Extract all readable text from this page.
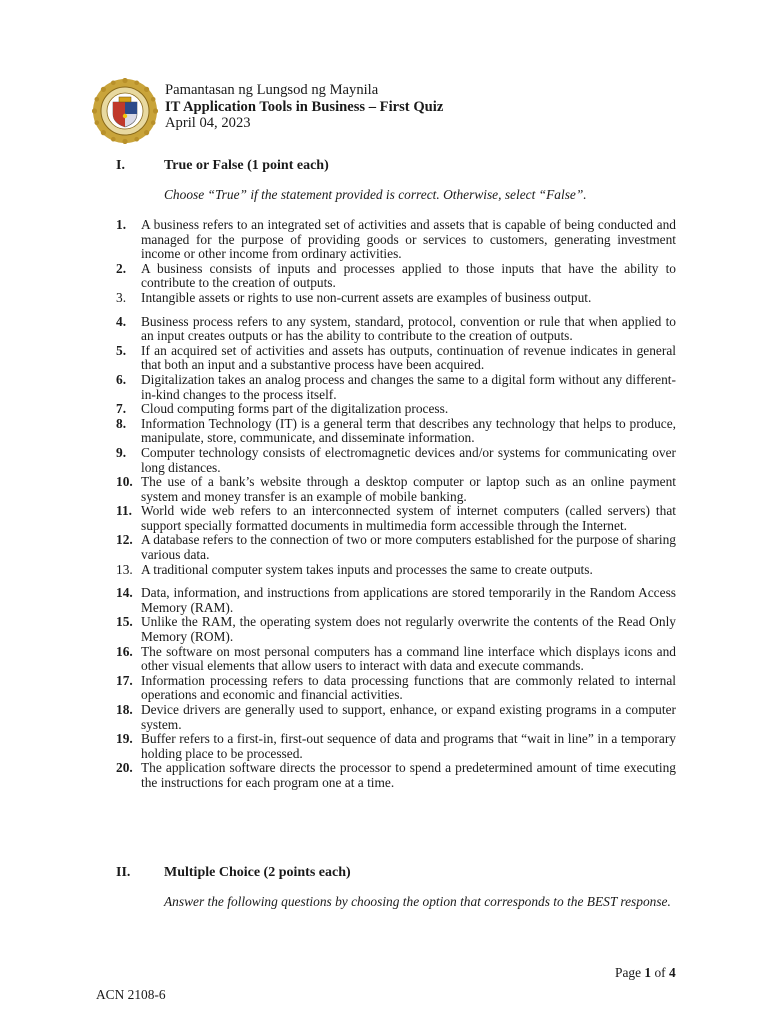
Pamantasan ng Lungsod ng Maynila
IT Application Tools in Business – First Quiz
April 04, 2023
I.	True or False (1 point each)
Choose “True” if the statement provided is correct. Otherwise, select “False”.
1.	A business refers to an integrated set of activities and assets that is capable of being conducted and managed for the purpose of providing goods or services to customers, generating investment income or other income from ordinary activities.
2.	A business consists of inputs and processes applied to those inputs that have the ability to contribute to the creation of outputs.
3.	Intangible assets or rights to use non-current assets are examples of business output.
4.	Business process refers to any system, standard, protocol, convention or rule that when applied to an input creates outputs or has the ability to contribute to the creation of outputs.
5.	If an acquired set of activities and assets has outputs, continuation of revenue indicates in general that both an input and a substantive process have been acquired.
6.	Digitalization takes an analog process and changes the same to a digital form without any different-in-kind changes to the process itself.
7.	Cloud computing forms part of the digitalization process.
8.	Information Technology (IT) is a general term that describes any technology that helps to produce, manipulate, store, communicate, and disseminate information.
9.	Computer technology consists of electromagnetic devices and/or systems for communicating over long distances.
10. The use of a bank’s website through a desktop computer or laptop such as an online payment system and money transfer is an example of mobile banking.
11. World wide web refers to an interconnected system of internet computers (called servers) that support specially formatted documents in multimedia form accessible through the Internet.
12. A database refers to the connection of two or more computers established for the purpose of sharing various data.
13. A traditional computer system takes inputs and processes the same to create outputs.
14. Data, information, and instructions from applications are stored temporarily in the Random Access Memory (RAM).
15. Unlike the RAM, the operating system does not regularly overwrite the contents of the Read Only Memory (ROM).
16. The software on most personal computers has a command line interface which displays icons and other visual elements that allow users to interact with data and execute commands.
17. Information processing refers to data processing functions that are commonly related to internal operations and economic and financial activities.
18. Device drivers are generally used to support, enhance, or expand existing programs in a computer system.
19. Buffer refers to a first-in, first-out sequence of data and programs that “wait in line” in a temporary holding place to be processed.
20. The application software directs the processor to spend a predetermined amount of time executing the instructions for each program one at a time.
II. Multiple Choice (2 points each)
Answer the following questions by choosing the option that corresponds to the BEST response.
Page 1 of 4
ACN 2108-6
